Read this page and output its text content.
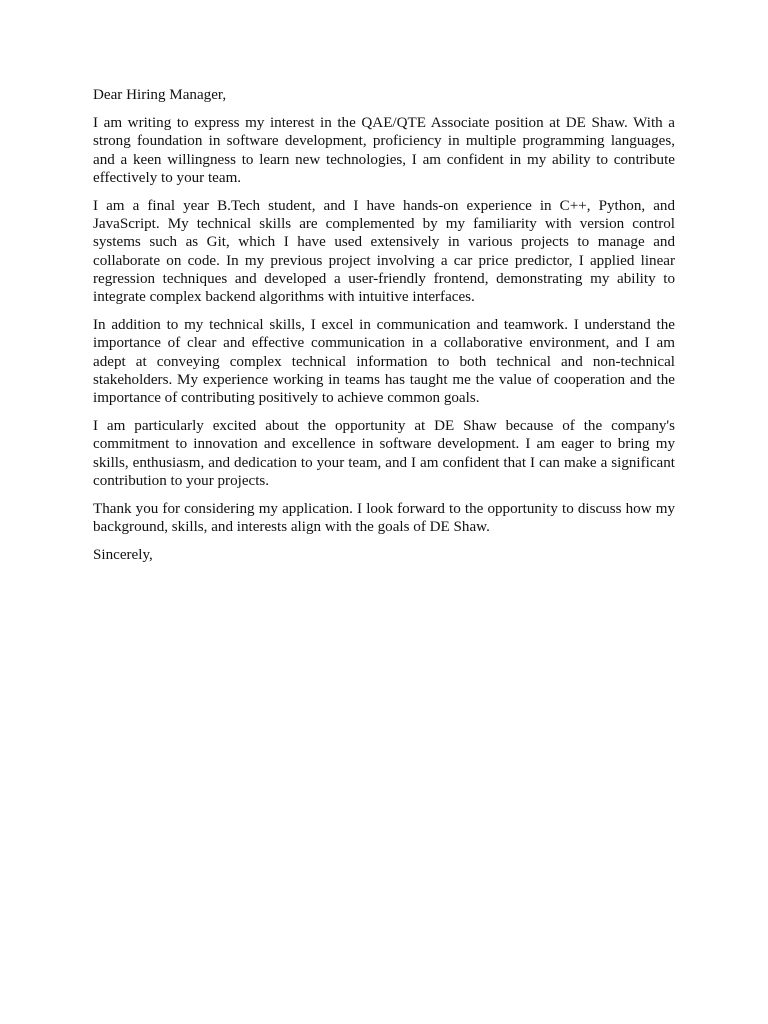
Dear Hiring Manager,

I am writing to express my interest in the QAE/QTE Associate position at DE Shaw. With a strong foundation in software development, proficiency in multiple programming languages, and a keen willingness to learn new technologies, I am confident in my ability to contribute effectively to your team.

I am a final year B.Tech student, and I have hands-on experience in C++, Python, and JavaScript. My technical skills are complemented by my familiarity with version control systems such as Git, which I have used extensively in various projects to manage and collaborate on code. In my previous project involving a car price predictor, I applied linear regression techniques and developed a user-friendly frontend, demonstrating my ability to integrate complex backend algorithms with intuitive interfaces.

In addition to my technical skills, I excel in communication and teamwork. I understand the importance of clear and effective communication in a collaborative environment, and I am adept at conveying complex technical information to both technical and non-technical stakeholders. My experience working in teams has taught me the value of cooperation and the importance of contributing positively to achieve common goals.

I am particularly excited about the opportunity at DE Shaw because of the company's commitment to innovation and excellence in software development. I am eager to bring my skills, enthusiasm, and dedication to your team, and I am confident that I can make a significant contribution to your projects.

Thank you for considering my application. I look forward to the opportunity to discuss how my background, skills, and interests align with the goals of DE Shaw.

Sincerely,
